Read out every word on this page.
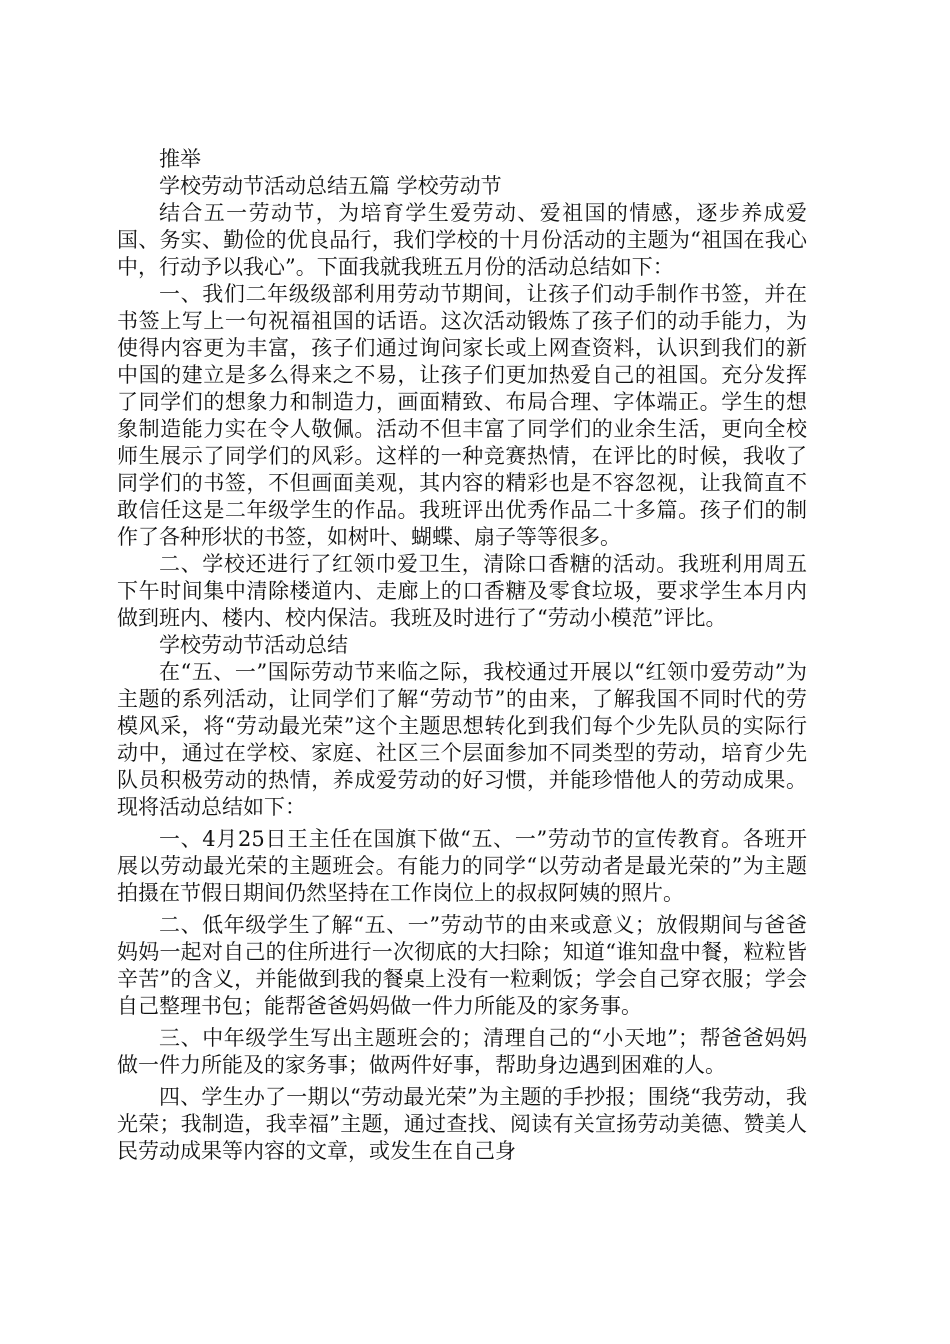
推举

学校劳动节活动总结五篇 学校劳动节

结合五一劳动节，为培育学生爱劳动、爱祖国的情感，逐步养成爱国、务实、勤俭的优良品行，我们学校的十月份活动的主题为“祖国在我心中，行动予以我心”。下面我就我班五月份的活动总结如下：

一、我们二年级级部利用劳动节期间，让孩子们动手制作书签，并在书签上写上一句祝福祖国的话语。这次活动锻炼了孩子们的动手能力，为使得内容更为丰富，孩子们通过询问家长或上网查资料，认识到我们的新中国的建立是多么得来之不易，让孩子们更加热爱自己的祖国。充分发挥了同学们的想象力和制造力，画面精致、布局合理、字体端正。学生的想象制造能力实在令人敬佩。活动不但丰富了同学们的业余生活，更向全校师生展示了同学们的风彩。这样的一种竞赛热情，在评比的时候，我收了同学们的书签，不但画面美观，其内容的精彩也是不容忽视，让我简直不敢信任这是二年级学生的作品。我班评出优秀作品二十多篇。孩子们的制作了各种形状的书签，如树叶、蝴蝶、扇子等等很多。

二、学校还进行了红领巾爱卫生，清除口香糖的活动。我班利用周五下午时间集中清除楼道内、走廊上的口香糖及零食垃圾，要求学生本月内做到班内、楼内、校内保洁。我班及时进行了“劳动小模范”评比。

学校劳动节活动总结

在“五、一”国际劳动节来临之际，我校通过开展以“红领巾爱劳动”为主题的系列活动，让同学们了解“劳动节”的由来，了解我国不同时代的劳模风采，将“劳动最光荣”这个主题思想转化到我们每个少先队员的实际行动中，通过在学校、家庭、社区三个层面参加不同类型的劳动，培育少先队员积极劳动的热情，养成爱劳动的好习惯，并能珍惜他人的劳动成果。现将活动总结如下：

一、4月25日王主任在国旗下做“五、一”劳动节的宣传教育。各班开展以劳动最光荣的主题班会。有能力的同学“以劳动者是最光荣的”为主题拍摄在节假日期间仍然坚持在工作岗位上的叔叔阿姨的照片。

二、低年级学生了解“五、一”劳动节的由来或意义；放假期间与爸爸妈妈一起对自己的住所进行一次彻底的大扫除；知道“谁知盘中餐，粒粒皆辛苦”的含义，并能做到我的餐桌上没有一粒剩饭；学会自己穿衣服；学会自己整理书包；能帮爸爸妈妈做一件力所能及的家务事。

三、中年级学生写出主题班会的；清理自己的“小天地”；帮爸爸妈妈做一件力所能及的家务事；做两件好事，帮助身边遇到困难的人。

四、学生办了一期以“劳动最光荣”为主题的手抄报；围绕“我劳动，我光荣；我制造，我幸福”主题，通过查找、阅读有关宣扬劳动美德、赞美人民劳动成果等内容的文章，或发生在自己身
